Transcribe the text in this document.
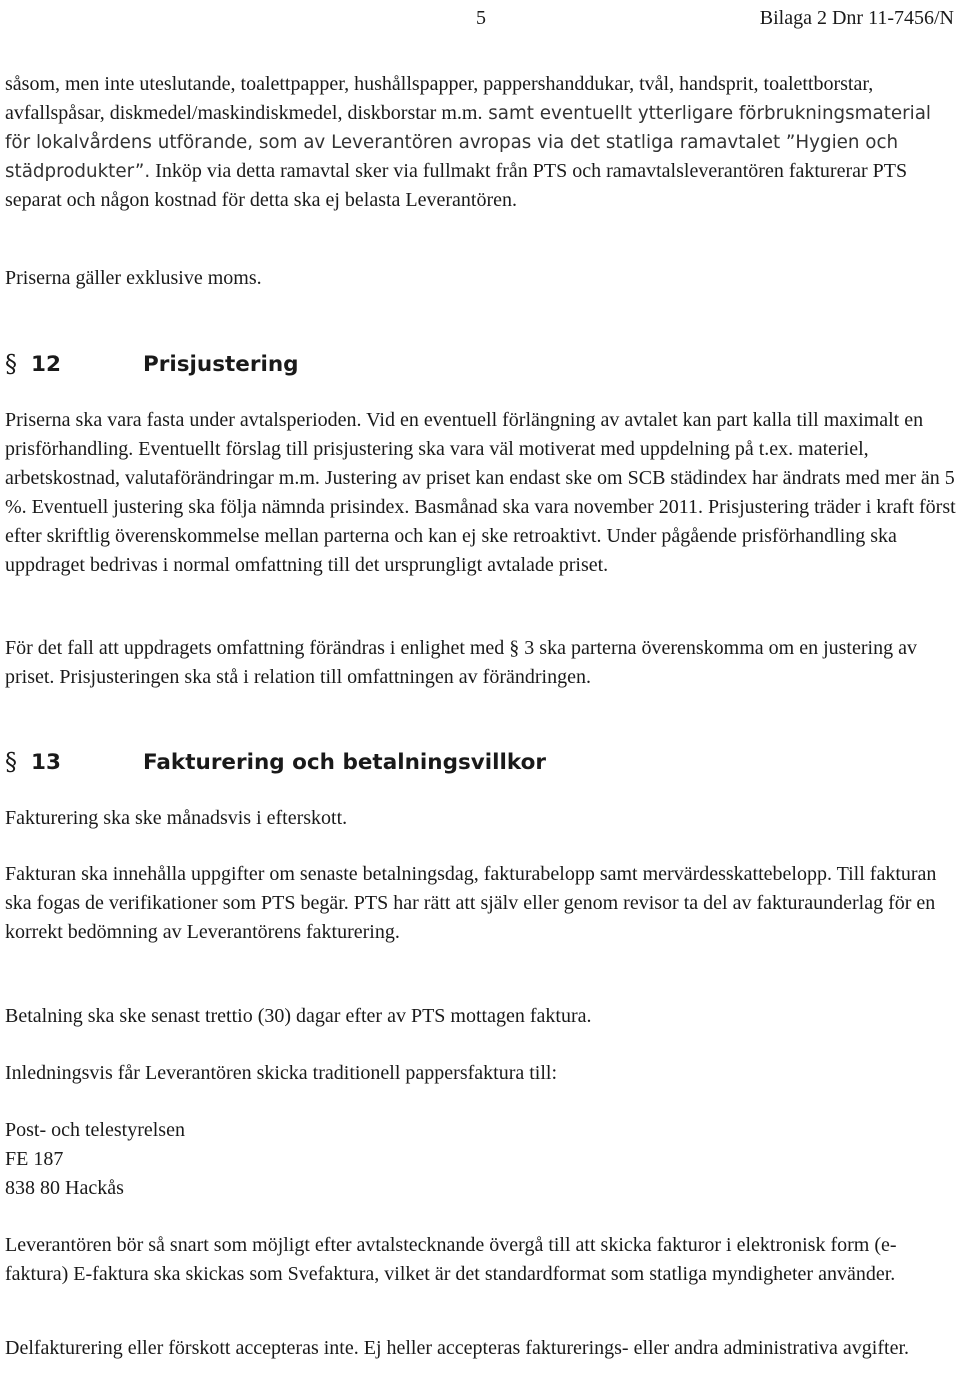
5	Bilaga 2 Dnr 11-7456/N

såsom, men inte uteslutande, toalettpapper, hushållspapper, pappershanddukar, tvål, handsprit, toalettborstar, avfallspåsar, diskmedel/maskindiskmedel, diskborstar m.m. samt eventuellt ytterligare förbrukningsmaterial för lokalvårdens utförande, som av Leverantören avropas via det statliga ramavtalet ”Hygien och städprodukter”. Inköp via detta ramavtal sker via fullmakt från PTS och ramavtalsleverantören fakturerar PTS separat och någon kostnad för detta ska ej belasta Leverantören.

Priserna gäller exklusive moms.

§ 12	Prisjustering

Priserna ska vara fasta under avtalsperioden. Vid en eventuell förlängning av avtalet kan part kalla till maximalt en prisförhandling. Eventuellt förslag till prisjustering ska vara väl motiverat med uppdelning på t.ex. materiel, arbetskostnad, valutaförändringar m.m. Justering av priset kan endast ske om SCB städindex har ändrats med mer än 5 %. Eventuell justering ska följa nämnda prisindex. Basmånad ska vara november 2011. Prisjustering träder i kraft först efter skriftlig överenskommelse mellan parterna och kan ej ske retroaktivt. Under pågående prisförhandling ska uppdraget bedrivas i normal omfattning till det ursprungligt avtalade priset.

För det fall att uppdragets omfattning förändras i enlighet med § 3 ska parterna överenskomma om en justering av priset. Prisjusteringen ska stå i relation till omfattningen av förändringen.

§ 13	Fakturering och betalningsvillkor

Fakturering ska ske månadsvis i efterskott.

Fakturan ska innehålla uppgifter om senaste betalningsdag, fakturabelopp samt mervärdesskattebelopp. Till fakturan ska fogas de verifikationer som PTS begär. PTS har rätt att själv eller genom revisor ta del av fakturaunderlag för en korrekt bedömning av Leverantörens fakturering.

Betalning ska ske senast trettio (30) dagar efter av PTS mottagen faktura.

Inledningsvis får Leverantören skicka traditionell pappersfaktura till:

Post- och telestyrelsen
FE 187
838 80 Hackås

Leverantören bör så snart som möjligt efter avtalstecknande övergå till att skicka fakturor i elektronisk form (e-faktura) E-faktura ska skickas som Svefaktura, vilket är det standardformat som statliga myndigheter använder.

Delfakturering eller förskott accepteras inte. Ej heller accepteras fakturerings- eller andra administrativa avgifter.
